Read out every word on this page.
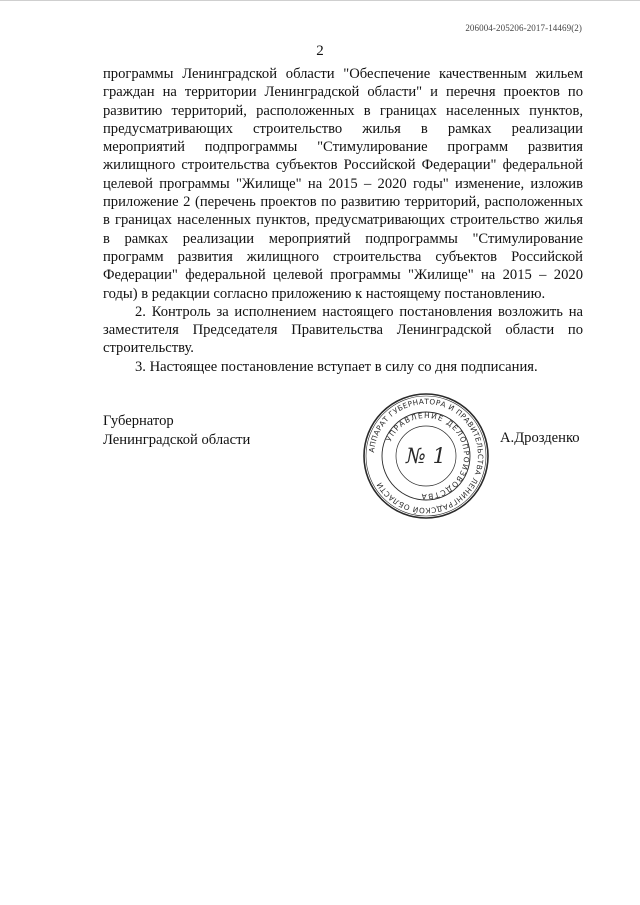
206004-205206-2017-14469(2)
2

программы Ленинградской области "Обеспечение качественным жильем граждан на территории Ленинградской области" и перечня проектов по развитию территорий, расположенных в границах населенных пунктов, предусматривающих строительство жилья в рамках реализации мероприятий подпрограммы "Стимулирование программ развития жилищного строительства субъектов Российской Федерации" федеральной целевой программы "Жилище" на 2015 – 2020 годы" изменение, изложив приложение 2 (перечень проектов по развитию территорий, расположенных в границах населенных пунктов, предусматривающих строительство жилья в рамках реализации мероприятий подпрограммы "Стимулирование программ развития жилищного строительства субъектов Российской Федерации" федеральной целевой программы "Жилище" на 2015 – 2020 годы) в редакции согласно приложению к настоящему постановлению.

2. Контроль за исполнением настоящего постановления возложить на заместителя Председателя Правительства Ленинградской области по строительству.

3. Настоящее постановление вступает в силу со дня подписания.

Губернатор
Ленинградской области
АППАРАТ ГУБЕРНАТОРА И ПРАВИТЕЛЬСТВА ЛЕНИНГРАДСКОЙ ОБЛАСТИ
УПРАВЛЕНИЕ ДЕЛОПРОИЗВОДСТВА
№ 1
А.Дрозденко
